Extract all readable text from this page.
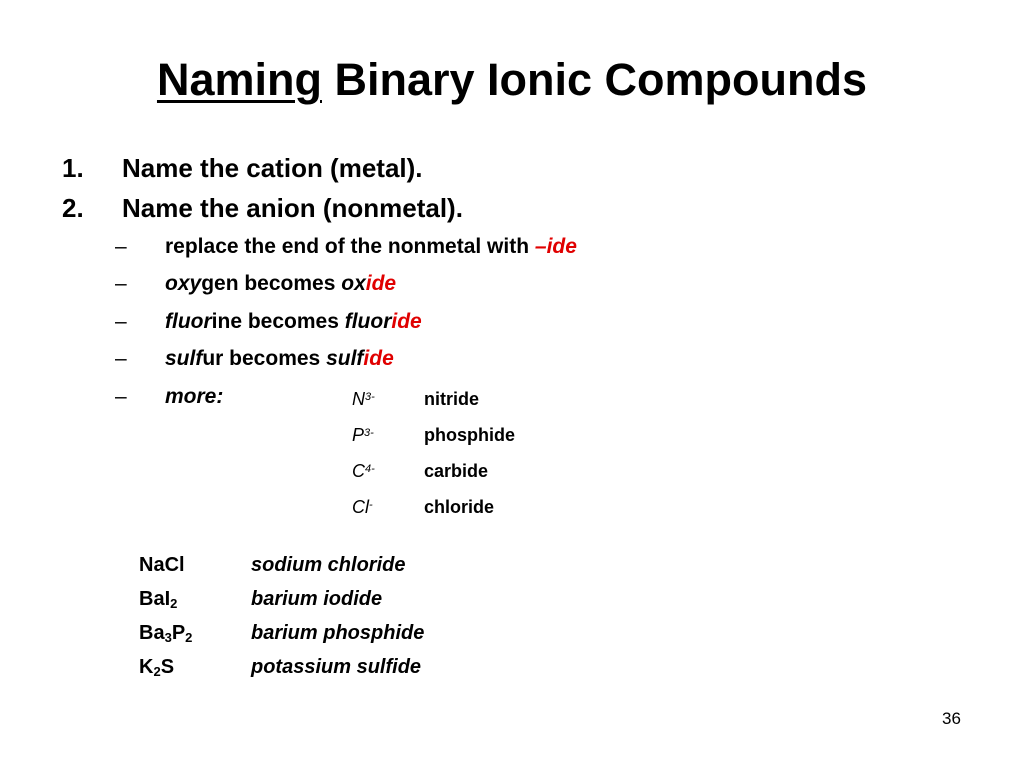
Naming Binary Ionic Compounds
1. Name the cation (metal).
2. Name the anion (nonmetal).
– replace the end of the nonmetal with –ide
– oxygen becomes oxide
– fluorine becomes fluoride
– sulfur becomes sulfide
– more:	$N^{3-}$	nitride
$P^{3-}$	phosphide
$C^{4-}$	carbide
Cl-	chloride
NaCl	sodium chloride
BaI$_2$	barium iodide
$Ba_3P_2$	barium phosphide
$K_2S$	potassium sulfide
36
